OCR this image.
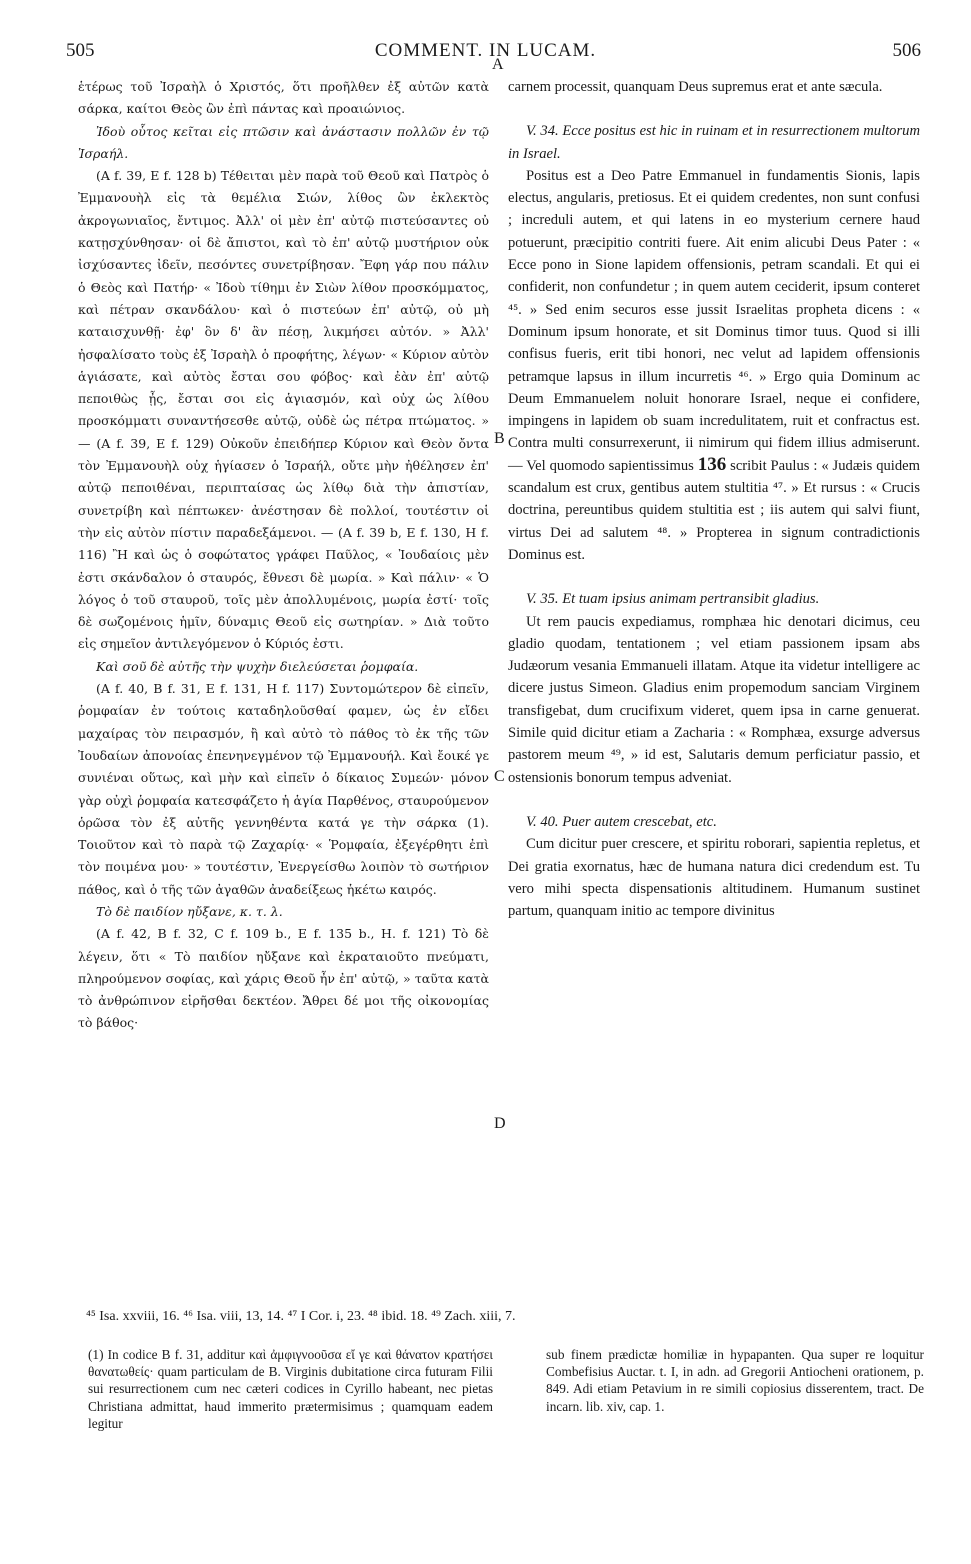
505	COMMENT. IN LUCAM.	506

ἑτέρως τοῦ Ἰσραὴλ ὁ Χριστός, ὅτι προῆλθεν ἐξ αὐτῶν κατὰ σάρκα, καίτοι Θεὸς ὢν ἐπὶ πάντας καὶ προαιώνιος.

Ἰδοὺ οὗτος κεῖται εἰς πτῶσιν καὶ ἀνάστασιν πολλῶν ἐν τῷ Ἰσραήλ.

(A f. 39, E f. 128 b) Τέθειται μὲν παρὰ τοῦ Θεοῦ καὶ Πατρὸς ὁ Ἐμμανουὴλ εἰς τὰ θεμέλια Σιών, λίθος ὢν ἐκλεκτὸς ἀκρογωνιαῖος, ἔντιμος. Ἀλλ' οἱ μὲν ἐπ' αὐτῷ πιστεύσαντες οὐ κατῃσχύνθησαν· οἱ δὲ ἄπιστοι, καὶ τὸ ἐπ' αὐτῷ μυστήριον οὐκ ἰσχύσαντες ἰδεῖν, πεσόντες συνετρίβησαν. Ἔφη γάρ που πάλιν ὁ Θεὸς καὶ Πατήρ· « Ἰδοὺ τίθημι ἐν Σιὼν λίθον προσκόμματος, καὶ πέτραν σκανδάλου· καὶ ὁ πιστεύων ἐπ' αὐτῷ, οὐ μὴ καταισχυνθῇ· ἐφ' ὃν δ' ἂν πέσῃ, λικμήσει αὐτόν. » Ἀλλ' ἠσφαλίσατο τοὺς ἐξ Ἰσραὴλ ὁ προφήτης, λέγων· « Κύριον αὐτὸν ἁγιάσατε, καὶ αὐτὸς ἔσται σου φόβος· καὶ ἐὰν ἐπ' αὐτῷ πεποιθὼς ᾖς, ἔσται σοι εἰς ἁγιασμόν, καὶ οὐχ ὡς λίθου προσκόμματι συναντήσεσθε αὐτῷ, οὐδὲ ὡς πέτρα πτώματος. » — (A f. 39, E f. 129) Οὐκοῦν ἐπειδήπερ Κύριον καὶ Θεὸν ὄντα τὸν Ἐμμανουὴλ οὐχ ἡγίασεν ὁ Ἰσραήλ, οὔτε μὴν ἠθέλησεν ἐπ' αὐτῷ πεποιθέναι, περιπταίσας ὡς λίθῳ διὰ τὴν ἀπιστίαν, συνετρίβη καὶ πέπτωκεν· ἀνέστησαν δὲ πολλοί, τουτέστιν οἱ τὴν εἰς αὐτὸν πίστιν παραδεξάμενοι. — (A f. 39 b, E f. 130, H f. 116) Ἢ καὶ ὡς ὁ σοφώτατος γράφει Παῦλος, « Ἰουδαίοις μὲν ἐστι σκάνδαλον ὁ σταυρός, ἔθνεσι δὲ μωρία. » Καὶ πάλιν· « Ὁ λόγος ὁ τοῦ σταυροῦ, τοῖς μὲν ἀπολλυμένοις, μωρία ἐστί· τοῖς δὲ σωζομένοις ἡμῖν, δύναμις Θεοῦ εἰς σωτηρίαν. » Διὰ τοῦτο εἰς σημεῖον ἀντιλεγόμενον ὁ Κύριός ἐστι.

Καὶ σοῦ δὲ αὐτῆς τὴν ψυχὴν διελεύσεται ῥομφαία.

(A f. 40, B f. 31, E f. 131, H f. 117) Συντομώτερον δὲ εἰπεῖν, ῥομφαίαν ἐν τούτοις καταδηλοῦσθαί φαμεν, ὡς ἐν εἴδει μαχαίρας τὸν πειρασμόν, ἢ καὶ αὐτὸ τὸ πάθος τὸ ἐκ τῆς τῶν Ἰουδαίων ἀπονοίας ἐπενηνεγμένον τῷ Ἐμμανουήλ. Καὶ ἔοικέ γε συνιέναι οὕτως, καὶ μὴν καὶ εἰπεῖν ὁ δίκαιος Συμεών· μόνον γὰρ οὐχὶ ῥομφαία κατεσφάζετο ἡ ἁγία Παρθένος, σταυρούμενον ὁρῶσα τὸν ἐξ αὐτῆς γεννηθέντα κατά γε τὴν σάρκα (1). Τοιοῦτον καὶ τὸ παρὰ τῷ Ζαχαρίᾳ· « Ῥομφαία, ἐξεγέρθητι ἐπὶ τὸν ποιμένα μου· » τουτέστιν, Ἐνεργείσθω λοιπὸν τὸ σωτήριον πάθος, καὶ ὁ τῆς τῶν ἀγαθῶν ἀναδείξεως ἡκέτω καιρός.

Τὸ δὲ παιδίον ηὔξανε, κ. τ. λ.

(A f. 42, B f. 32, C f. 109 b., E f. 135 b., H. f. 121) Τὸ δὲ λέγειν, ὅτι « Τὸ παιδίον ηὔξανε καὶ ἐκραταιοῦτο πνεύματι, πληρούμενον σοφίας, καὶ χάρις Θεοῦ ἦν ἐπ' αὐτῷ, » ταῦτα κατὰ τὸ ἀνθρώπινον εἰρῆσθαι δεκτέον. Ἄθρει δέ μοι τῆς οἰκονομίας τὸ βάθος·

carnem processit, quanquam Deus supremus erat et ante sæcula.

V. 34. Ecce positus est hic in ruinam et in resurrectionem multorum in Israel.

Positus est a Deo Patre Emmanuel in fundamentis Sionis, lapis electus, angularis, pretiosus. Et ei quidem credentes, non sunt confusi ; increduli autem, et qui latens in eo mysterium cernere haud potuerunt, præcipitio contriti fuere. Ait enim alicubi Deus Pater : « Ecce pono in Sione lapidem offensionis, petram scandali. Et qui ei confiderit, non confundetur ; in quem autem ceciderit, ipsum conteret ⁴⁵. » Sed enim securos esse jussit Israelitas propheta dicens : « Dominum ipsum honorate, et sit Dominus timor tuus. Quod si illi confisus fueris, erit tibi honori, nec velut ad lapidem offensionis petramque lapsus in illum incurretis ⁴⁶. » Ergo quia Dominum ac Deum Emmanuelem noluit honorare Israel, neque ei confidere, impingens in lapidem ob suam incredulitatem, ruit et confractus est. Contra multi consurrexerunt, ii nimirum qui fidem illius admiserunt. — Vel quomodo sapientissimus 136 scribit Paulus : « Judæis quidem scandalum est crux, gentibus autem stultitia ⁴⁷. » Et rursus : « Crucis doctrina, pereuntibus quidem stultitia est ; iis autem qui salvi fiunt, virtus Dei ad salutem ⁴⁸. » Propterea in signum contradictionis Dominus est.

V. 35. Et tuam ipsius animam pertransibit gladius.

Ut rem paucis expediamus, romphæa hic denotari dicimus, ceu gladio quodam, tentationem ; vel etiam passionem ipsam abs Judæorum vesania Emmanueli illatam. Atque ita videtur intelligere ac dicere justus Simeon. Gladius enim propemodum sanciam Virginem transfigebat, dum crucifixum videret, quem ipsa in carne genuerat. Simile quid dicitur etiam a Zacharia : « Romphæa, exsurge adversus pastorem meum ⁴⁹, » id est, Salutaris demum perficiatur passio, et ostensionis bonorum tempus adveniat.

V. 40. Puer autem crescebat, etc.

Cum dicitur puer crescere, et spiritu roborari, sapientia repletus, et Dei gratia exornatus, hæc de humana natura dici credendum est. Tu vero mihi specta dispensationis altitudinem. Humanum sustinet partum, quanquam initio ac tempore divinitus

A
B
C
D
⁴⁵ Isa. xxviii, 16. ⁴⁶ Isa. viii, 13, 14. ⁴⁷ I Cor. i, 23. ⁴⁸ ibid. 18. ⁴⁹ Zach. xiii, 7.
(1) In codice B f. 31, additur καὶ ἀμφιγνοοῦσα εἴ γε καὶ θάνατον κρατήσει θανατωθείς· quam particulam de B. Virginis dubitatione circa futuram Filii sui resurrectionem cum nec cæteri codices in Cyrillo habeant, nec pietas Christiana admittat, haud immerito prætermisimus ; quamquam eadem legitur
sub finem prædictæ homiliæ in hypapanten. Qua super re loquitur Combefisius Auctar. t. I, in adn. ad Gregorii Antiocheni orationem, p. 849. Adi etiam Petavium in re simili copiosius disserentem, tract. De incarn. lib. xiv, cap. 1.
